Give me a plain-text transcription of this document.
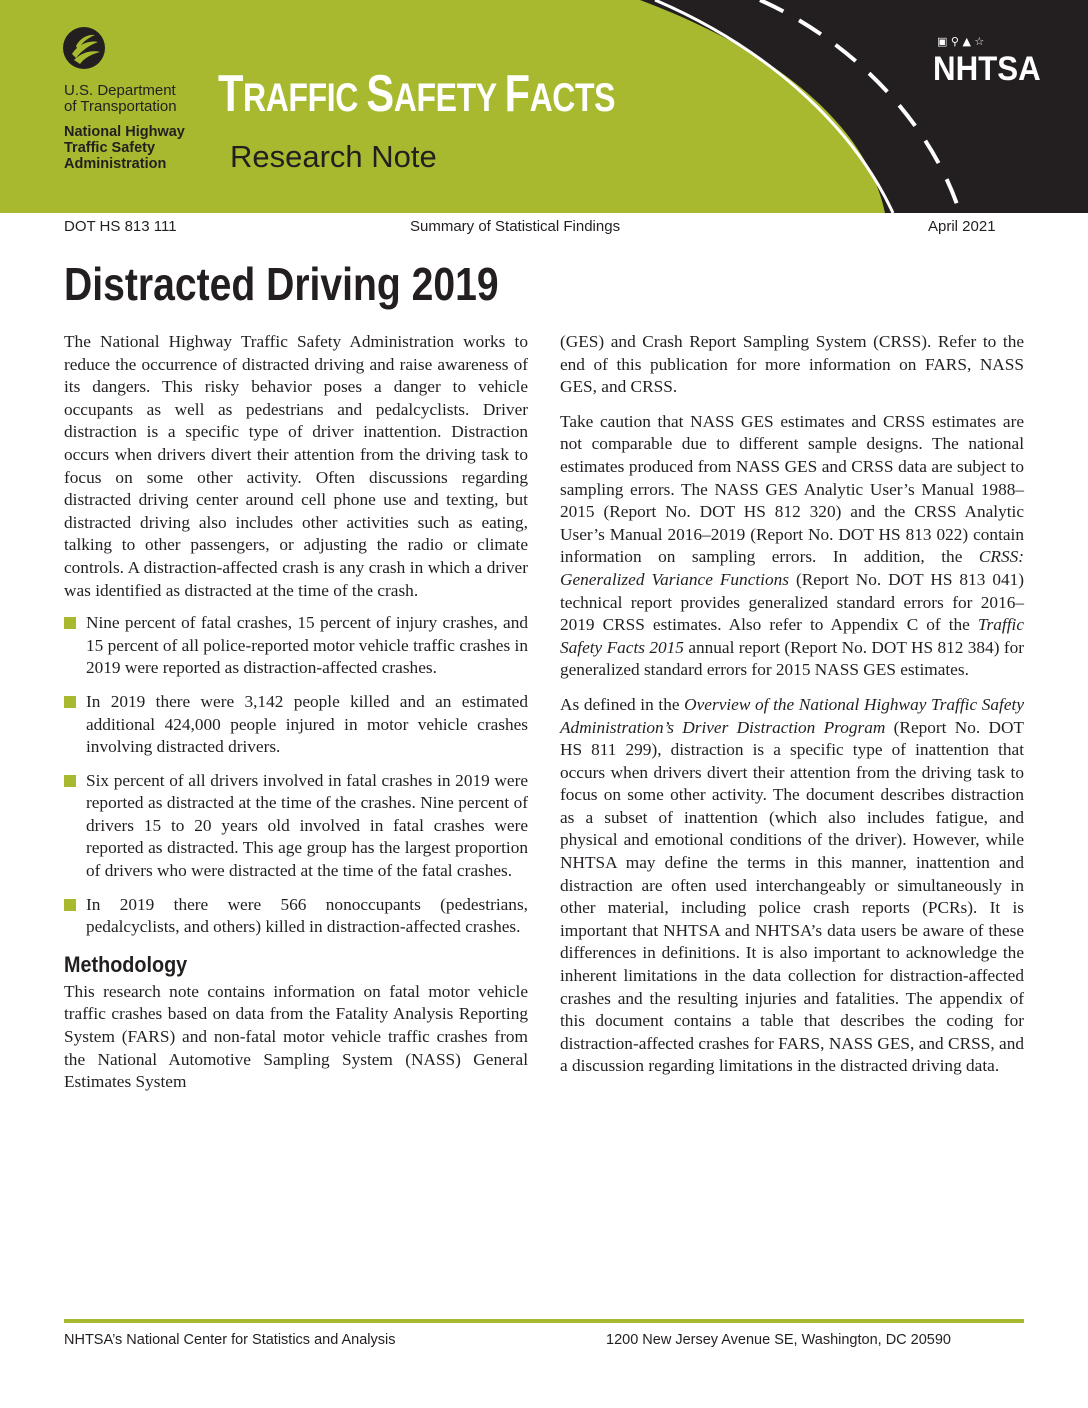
U.S. Department
of Transportation
National Highway
Traffic Safety
Administration
TRAFFIC SAFETY FACTS
Research Note
▣ ⚲ ▲ ☆
NHTSA
DOT HS 813 111	Summary of Statistical Findings	April 2021
Distracted Driving 2019

The National Highway Traffic Safety Administration works to reduce the occurrence of distracted driving and raise awareness of its dangers. This risky behavior poses a danger to vehicle occupants as well as pedestrians and pedalcyclists. Driver distraction is a specific type of driver inattention. Distraction occurs when drivers divert their attention from the driving task to focus on some other activity. Often discussions regarding distracted driving center around cell phone use and texting, but distracted driving also includes other activities such as eating, talking to other passengers, or adjusting the radio or climate controls. A distraction-affected crash is any crash in which a driver was identified as distracted at the time of the crash.

Nine percent of fatal crashes, 15 percent of injury crashes, and 15 percent of all police-reported motor vehicle traffic crashes in 2019 were reported as distraction-affected crashes.
In 2019 there were 3,142 people killed and an estimated additional 424,000 people injured in motor vehicle crashes involving distracted drivers.
Six percent of all drivers involved in fatal crashes in 2019 were reported as distracted at the time of the crashes. Nine percent of drivers 15 to 20 years old involved in fatal crashes were reported as distracted. This age group has the largest proportion of drivers who were distracted at the time of the fatal crashes.
In 2019 there were 566 nonoccupants (pedestrians, pedalcyclists, and others) killed in distraction-affected crashes.
Methodology

This research note contains information on fatal motor vehicle traffic crashes based on data from the Fatality Analysis Reporting System (FARS) and non-fatal motor vehicle traffic crashes from the National Automotive Sampling System (NASS) General Estimates System

(GES) and Crash Report Sampling System (CRSS). Refer to the end of this publication for more information on FARS, NASS GES, and CRSS.

Take caution that NASS GES estimates and CRSS estimates are not comparable due to different sample designs. The national estimates produced from NASS GES and CRSS data are subject to sampling errors. The NASS GES Analytic User’s Manual 1988–2015 (Report No. DOT HS 812 320) and the CRSS Analytic User’s Manual 2016–2019 (Report No. DOT HS 813 022) contain information on sampling errors. In addition, the CRSS: Generalized Variance Functions (Report No. DOT HS 813 041) technical report provides generalized standard errors for 2016–2019 CRSS estimates. Also refer to Appendix C of the Traffic Safety Facts 2015 annual report (Report No. DOT HS 812 384) for generalized standard errors for 2015 NASS GES estimates.

As defined in the Overview of the National Highway Traffic Safety Administration’s Driver Distraction Program (Report No. DOT HS 811 299), distraction is a specific type of inattention that occurs when drivers divert their attention from the driving task to focus on some other activity. The document describes distraction as a subset of inattention (which also includes fatigue, and physical and emotional conditions of the driver). However, while NHTSA may define the terms in this manner, inattention and distraction are often used interchangeably or simultaneously in other material, including police crash reports (PCRs). It is important that NHTSA and NHTSA’s data users be aware of these differences in definitions. It is also important to acknowledge the inherent limitations in the data collection for distraction-affected crashes and the resulting injuries and fatalities. The appendix of this document contains a table that describes the coding for distraction-affected crashes for FARS, NASS GES, and CRSS, and a discussion regarding limitations in the distracted driving data.

NHTSA’s National Center for Statistics and Analysis	1200 New Jersey Avenue SE, Washington, DC 20590
